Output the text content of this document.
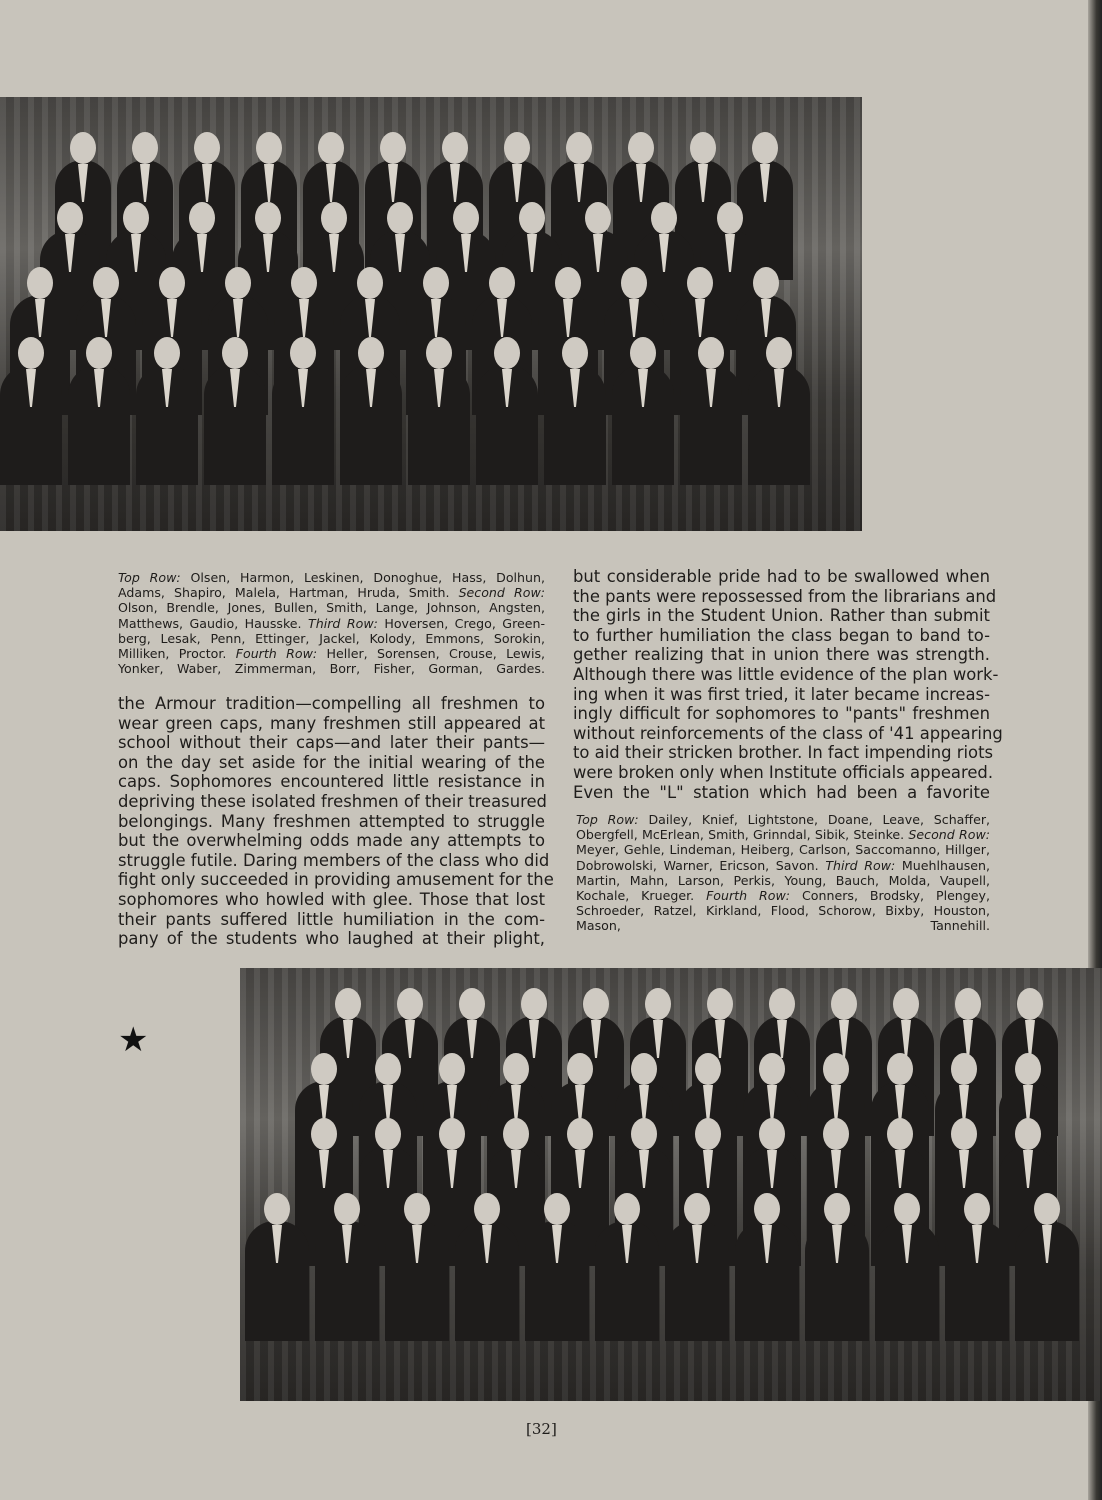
Top Row: Olsen, Harmon, Leskinen, Donoghue, Hass, Dolhun,
Adams, Shapiro, Malela, Hartman, Hruda, Smith. Second Row:
Olson, Brendle, Jones, Bullen, Smith, Lange, Johnson, Angsten,
Matthews, Gaudio, Hausske. Third Row: Hoversen, Crego, Green-
berg, Lesak, Penn, Ettinger, Jackel, Kolody, Emmons, Sorokin,
Milliken, Proctor. Fourth Row: Heller, Sorensen, Crouse, Lewis,
Yonker, Waber, Zimmerman, Borr, Fisher, Gorman, Gardes.
the Armour tradition—compelling all freshmen to
wear green caps, many freshmen still appeared at
school without their caps—and later their pants—
on the day set aside for the initial wearing of the
caps. Sophomores encountered little resistance in
depriving these isolated freshmen of their treasured
belongings. Many freshmen attempted to struggle
but the overwhelming odds made any attempts to
struggle futile. Daring members of the class who did
fight only succeeded in providing amusement for the
sophomores who howled with glee. Those that lost
their pants suffered little humiliation in the com-
pany of the students who laughed at their plight,
but considerable pride had to be swallowed when
the pants were repossessed from the librarians and
the girls in the Student Union. Rather than submit
to further humiliation the class began to band to-
gether realizing that in union there was strength.
Although there was little evidence of the plan work-
ing when it was first tried, it later became increas-
ingly difficult for sophomores to "pants" freshmen
without reinforcements of the class of '41 appearing
to aid their stricken brother. In fact impending riots
were broken only when Institute officials appeared.
Even the "L" station which had been a favorite
Top Row: Dailey, Knief, Lightstone, Doane, Leave, Schaffer,
Obergfell, McErlean, Smith, Grinndal, Sibik, Steinke. Second Row:
Meyer, Gehle, Lindeman, Heiberg, Carlson, Saccomanno, Hillger,
Dobrowolski, Warner, Ericson, Savon. Third Row: Muehlhausen,
Martin, Mahn, Larson, Perkis, Young, Bauch, Molda, Vaupell,
Kochale, Krueger. Fourth Row: Conners, Brodsky, Plengey,
Schroeder, Ratzel, Kirkland, Flood, Schorow, Bixby, Houston,
Mason, Tannehill.
★
[32]
